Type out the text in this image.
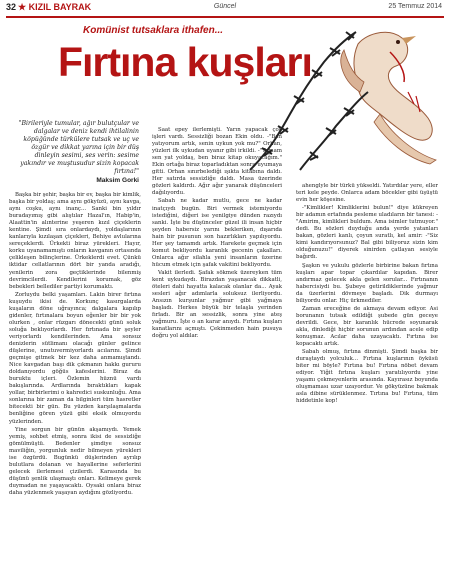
32 ★ KIZIL BAYRAK	Güncel	25 Temmuz 2014
Komünist tutsaklara ithafen...
Fırtına kuşları
"Birileriyle tumular, ağır bulutçular ve dalgalar ve deniz kendi ihtilalinin köpüğünde türkülere tutsak ve uç ve özgür ve dikkat yarına için bir düş dinleyin sesimi, ses verin: sesime yakındır ve muştusudur sizin kopacak fırtına!"
Maksim Gorki

Başka bir şehir, başka bir ev, başka bir kimlik, başka bir yoldaş; ama aynı gökyüzü, aynı kavga, aynı coşku, aynı inanç... Sanki bin yıldır buradayımış gibi alıştılar Hazal'ın, Habip'in, Alaattin'in alınterine yeşeren kızıl çiçeklerin kentine. Şimdi sıra onlardaydı, yoldaşlarının kanlarıyla kızılaşan çiçekleri, Behiye avlularına sereçeklerdi. Ürkekti biraz yürekleri. Hayır, korku uyanamamıştı onların kavganın ortasında çelikleşen bilinçlerine. Ürkeklerdi evet. Çünkü iktidar cellatlarının dört bir yanda aradığı, yenilerin zora geçtiklerinde bilenmiş devrimcilerdi. Kendilerini korumak, göz bebekleri bellediler partiyi korumaktı.

Zorluydu belki yaşamları. Lakin birer fırtına kuşuydu ikisi de. Korkunç kasırgalarda kuşaların döne uğrayınca; dalgalara kapılıp gidenler, fırtınalara boyun eğenler bir bir yok olurken , onlar rüzgarı dönecekti günü soluk soluğa beklıyorlardı. Her fırtınada bir şeyler veriyorlardı kendilerinden. Ama sonsuz denizlerin sütlimanı olacağı günler gelince düşlerine, unutuvermiyorlardı acılarını. Şimdi geçmişe gitmek bir kez daha anmamıştandı. Nice kavgadan başı dik çıkmanın hakkı gururu doldanıyordu göğüs kafeslerini. Biraz da buruktu içleri. Özlemin hüznü vardı bakışlarında. Ardlarında bıraktıkları kapak yollar, birbirlerimi o kahredici suskunluğu. Ama sonlarına bir zaman da bilginleri tüm hasretler bitecekti bir gün. Bu yüzden karşılaşmalarda benliğine gören yüzü gibi eksik olmuyordu yüzlerinden.

Yine sorgun bir günün akşamıydı. Yemek yemiş, sohbet etmiş, sonra ikisi de sessizliğe gömülmüştü. Bedenler şimdiye sonsuz maviliğin, yorgunluk nedir bilmeyen yürekleri ise özgürdü. Bugünkü düşlerinden ayrılıp bulutlara dolanan ve hayallerine seferlerini gelecek ilerlemesi çizilerdi. Karasında bu düşünü şenlik ulaşmaştı onları. Kelimeye gerek duymadan ne yaşayacaktı. Oysaki onlara biraz daha yüzlenmek yaşayan aydığını gözliyordu.

Saat epey ilerlemişti. Yarın yapacak çok işleri vardı. Sessizliği bozan Ekin oldu. -"Ben yatıyorum artık, senin uykun yok mu?" Orhan, yüzleri ilk uykudan uyanır gibi irkildi. -"Tamam sen yat yoldaş, ben biraz kitap okuyacağım." Ekin ortağa biraz toparladıktan sonra uyumaya gitti. Orhan sınırbelediği ışıkta kitabına daldı. Her satırda sessizliğe daldı. Masa üzerinde gözleri kaldırdı. Ağır ağır yanarak düşünceleri dağılıyordu.

Sabah ne kadar mutlu, gece ne kadar inatçıydı bugün. Biri vermek istemiyordu istediğini, diğeri ise yenilgiye dünden razıydı sanki. İşte bu düşünceler güzel ili insan hiçbir şeyden habersiz yarını bekleriken, dışarıda hain bir pusunun son hazırlıkları yapılıyordu. Her şey tamamdı artık. Harekete geçmek için komut bekliyordu karanlık gecenin çakalları. Onlarca ağır silahla yeni insanların üzerine hücum etmek için şafak vakitini bekliyordu.

Vakit ilerledi. Şafak sökmek üzereyken tüm kent uykudaydı. Birazdan yaşanacak dikkatli, öteleri dahi hayatta kalacak olanlar da... Ayak sesleri ağır adımlarla soluksuz ilerliyordu. Ansızın kurşunlar yağmur gibi yağmaya başladı. Herkes büyük bir telaşla yerinden fırladı. Bir an sessizlik, sonra yine ateş yağmuru. İşte o an karar anıydı. Fırtına kuşları kanatlarını açmıştı. Çekinmeden hain pusuya doğru yol aldılar.

ahenglyle bir türkü yükseldi. Yatırdılar yere, eller teri kele peyde. Onlarca adam böcekler gibi üşüştü evin her köşesine.

-"Kimlikler! Kimliklerini bulun!" diye kükreyen bir adamın ertafında pesleme uladıların bir tanesi: - "Amirim, kimlikleri buldum. Ama isimler tutmuyor." dedi. Bu sözleri duyduğu anda yerde yatanları bakan, gözleri kanlı, çoyun suratlı, kel amir: -"Siz kimi kandırıyorsunuz? Bal gibi biliyoruz sizin kim olduğunuzu!" diyerek sinirden çatlayan sesiyle bağırdı.

Şaşkın ve yukulu gözlerle birbirine bakan fırtına kuşları apar topar çıkardılar kapıdan. Birer andırmaz gelecek akla gelen sorular... Fırtınanın habercisiydi bu. Şubeye getirildiklerinde yağmur da üzerlerini dövmeye başladı. Dik durmayı biliyordu onlar. Hiç ürkmediler.

Zaman ereceğine de akmaya devam ediyor. Asi borunanın tutsak edildiği şubede gün geceye devrildi. Gece, bir karanlık hücrede soyunarak akla, dinlediği hiçbir sorunun ardından acele edip konuşmaz. Acılar daha uzayacaktı. Fırtına ise kopacaktı artık.

Sabah olmuş, fırtına dinmişti. Şimdi başka bir duraştaydı yolculuk... Fırtına kuşlarının öyküsü biter mi böyle? Fırtına bu! Fırtına nöbet devam ediyor. Yiğit fırtına kuşları yaratılıyordu yine yaşamı çekmeyenlerin arasında. Kayırasız boyunda oluşmaması uzar uzayordur. Ve gökyüzüne bakmak asla dibine sürüklenmez. Tırtına bu! Fırtına, tüm hiddetinle kop!
